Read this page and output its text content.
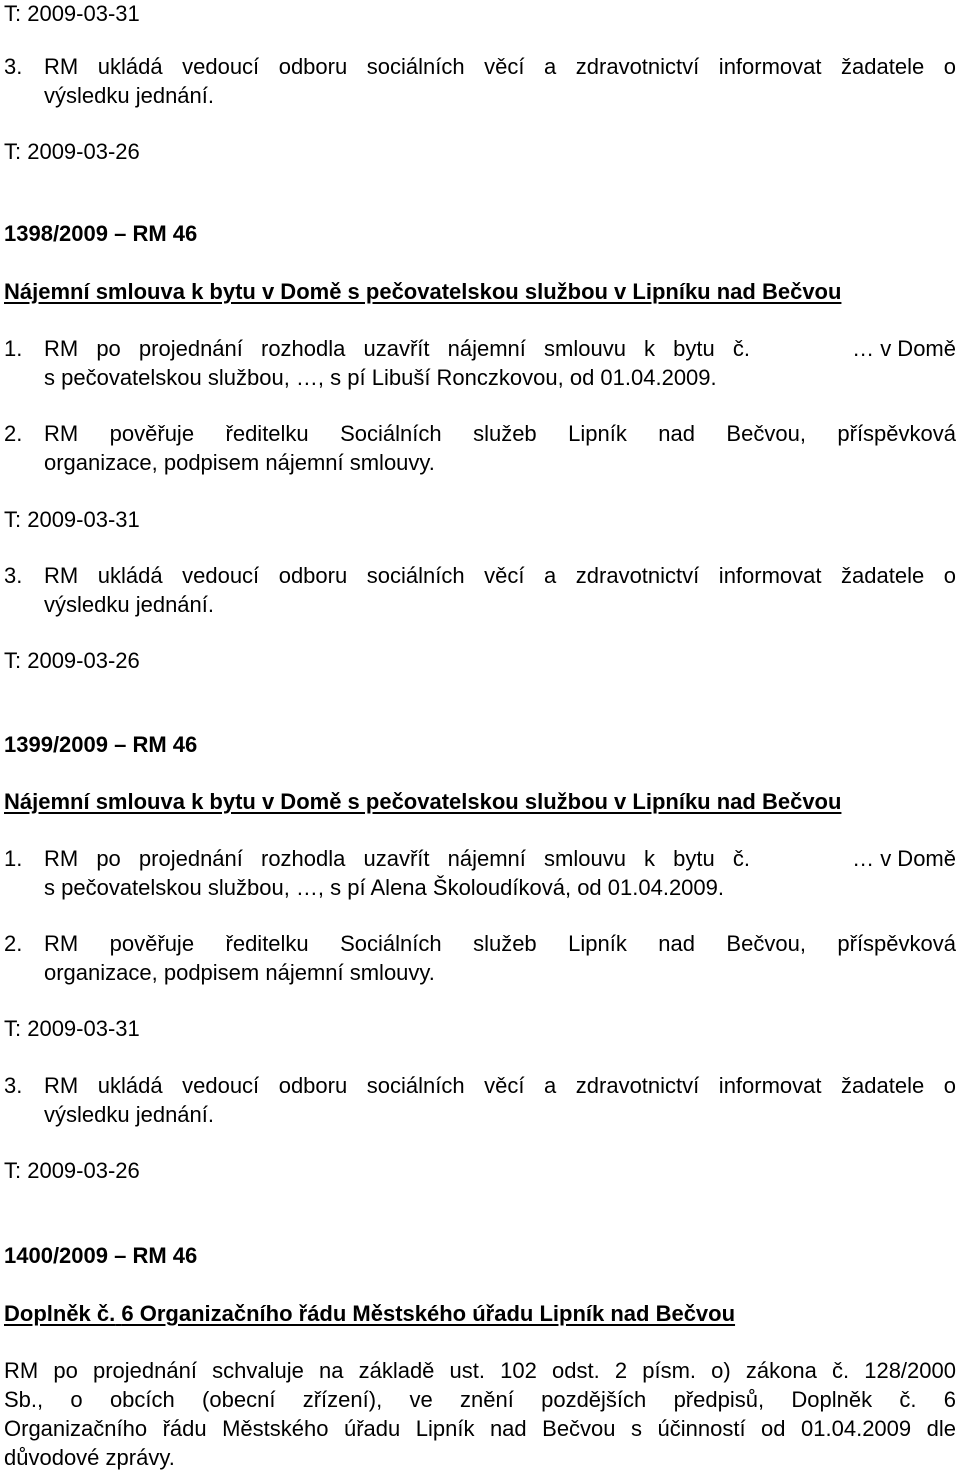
T: 2009-03-31
3. RM ukládá vedoucí odboru sociálních věcí a zdravotnictví informovat žadatele o
výsledku jednání.
T: 2009-03-26
1398/2009 – RM 46
Nájemní smlouva k bytu v Domě s pečovatelskou službou v Lipníku nad Bečvou
1. RM po projednání rozhodla uzavřít nájemní smlouvu k bytu č.	… v Domě
s pečovatelskou službou, …, s pí Libuší Ronczkovou, od 01.04.2009.
2. RM pověřuje ředitelku Sociálních služeb Lipník nad Bečvou, příspěvková
organizace, podpisem nájemní smlouvy.
T: 2009-03-31
3. RM ukládá vedoucí odboru sociálních věcí a zdravotnictví informovat žadatele o
výsledku jednání.
T: 2009-03-26
1399/2009 – RM 46
Nájemní smlouva k bytu v Domě s pečovatelskou službou v Lipníku nad Bečvou
1. RM po projednání rozhodla uzavřít nájemní smlouvu k bytu č.	… v Domě
s pečovatelskou službou, …, s pí Alena Školoudíková, od 01.04.2009.
2. RM pověřuje ředitelku Sociálních služeb Lipník nad Bečvou, příspěvková
organizace, podpisem nájemní smlouvy.
T: 2009-03-31
3. RM ukládá vedoucí odboru sociálních věcí a zdravotnictví informovat žadatele o
výsledku jednání.
T: 2009-03-26
1400/2009 – RM 46
Doplněk č. 6 Organizačního řádu Městského úřadu Lipník nad Bečvou
RM po projednání schvaluje na základě ust. 102 odst. 2 písm. o) zákona č. 128/2000
Sb., o obcích (obecní zřízení), ve znění pozdějších předpisů, Doplněk č. 6
Organizačního řádu Městského úřadu Lipník nad Bečvou s účinností od 01.04.2009 dle
důvodové zprávy.
